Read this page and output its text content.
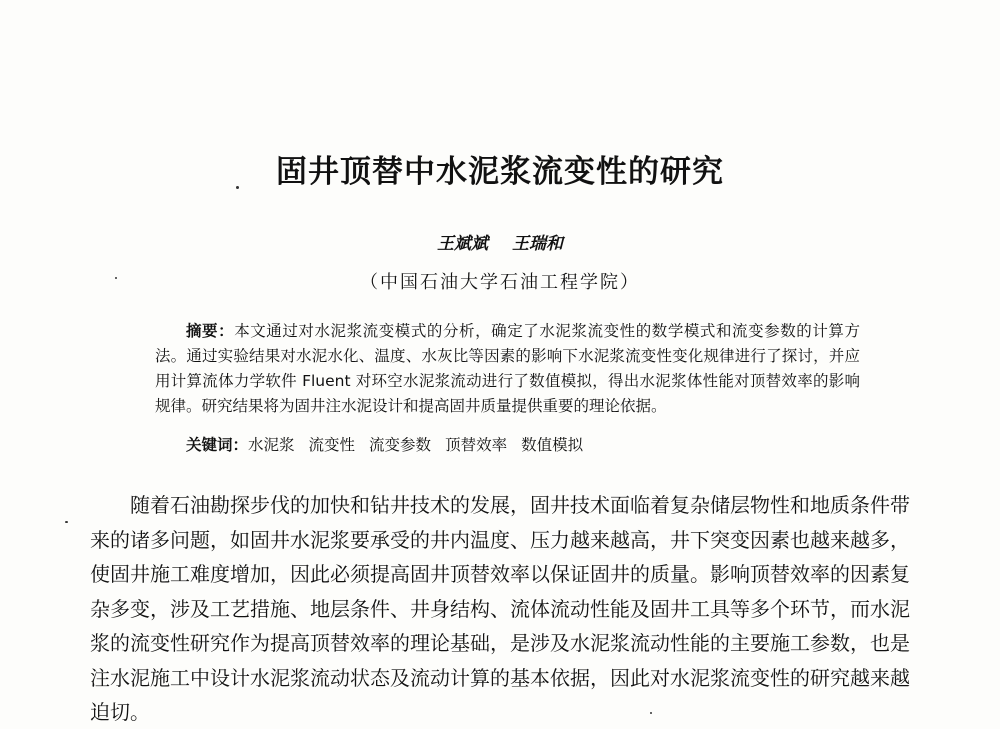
固井顶替中水泥浆流变性的研究
王斌斌 王瑞和
（中国石油大学石油工程学院）
摘要：本文通过对水泥浆流变模式的分析，确定了水泥浆流变性的数学模式和流变参数的计算方法。通过实验结果对水泥水化、温度、水灰比等因素的影响下水泥浆流变性变化规律进行了探讨，并应用计算流体力学软件 Fluent 对环空水泥浆流动进行了数值模拟，得出水泥浆体性能对顶替效率的影响规律。研究结果将为固井注水泥设计和提高固井质量提供重要的理论依据。
关键词：水泥浆 流变性 流变参数 顶替效率 数值模拟
随着石油勘探步伐的加快和钻井技术的发展，固井技术面临着复杂储层物性和地质条件带来的诸多问题，如固井水泥浆要承受的井内温度、压力越来越高，井下突变因素也越来越多，使固井施工难度增加，因此必须提高固井顶替效率以保证固井的质量。影响顶替效率的因素复杂多变，涉及工艺措施、地层条件、井身结构、流体流动性能及固井工具等多个环节，而水泥浆的流变性研究作为提高顶替效率的理论基础，是涉及水泥浆流动性能的主要施工参数，也是注水泥施工中设计水泥浆流动状态及流动计算的基本依据，因此对水泥浆流变性的研究越来越迫切。
